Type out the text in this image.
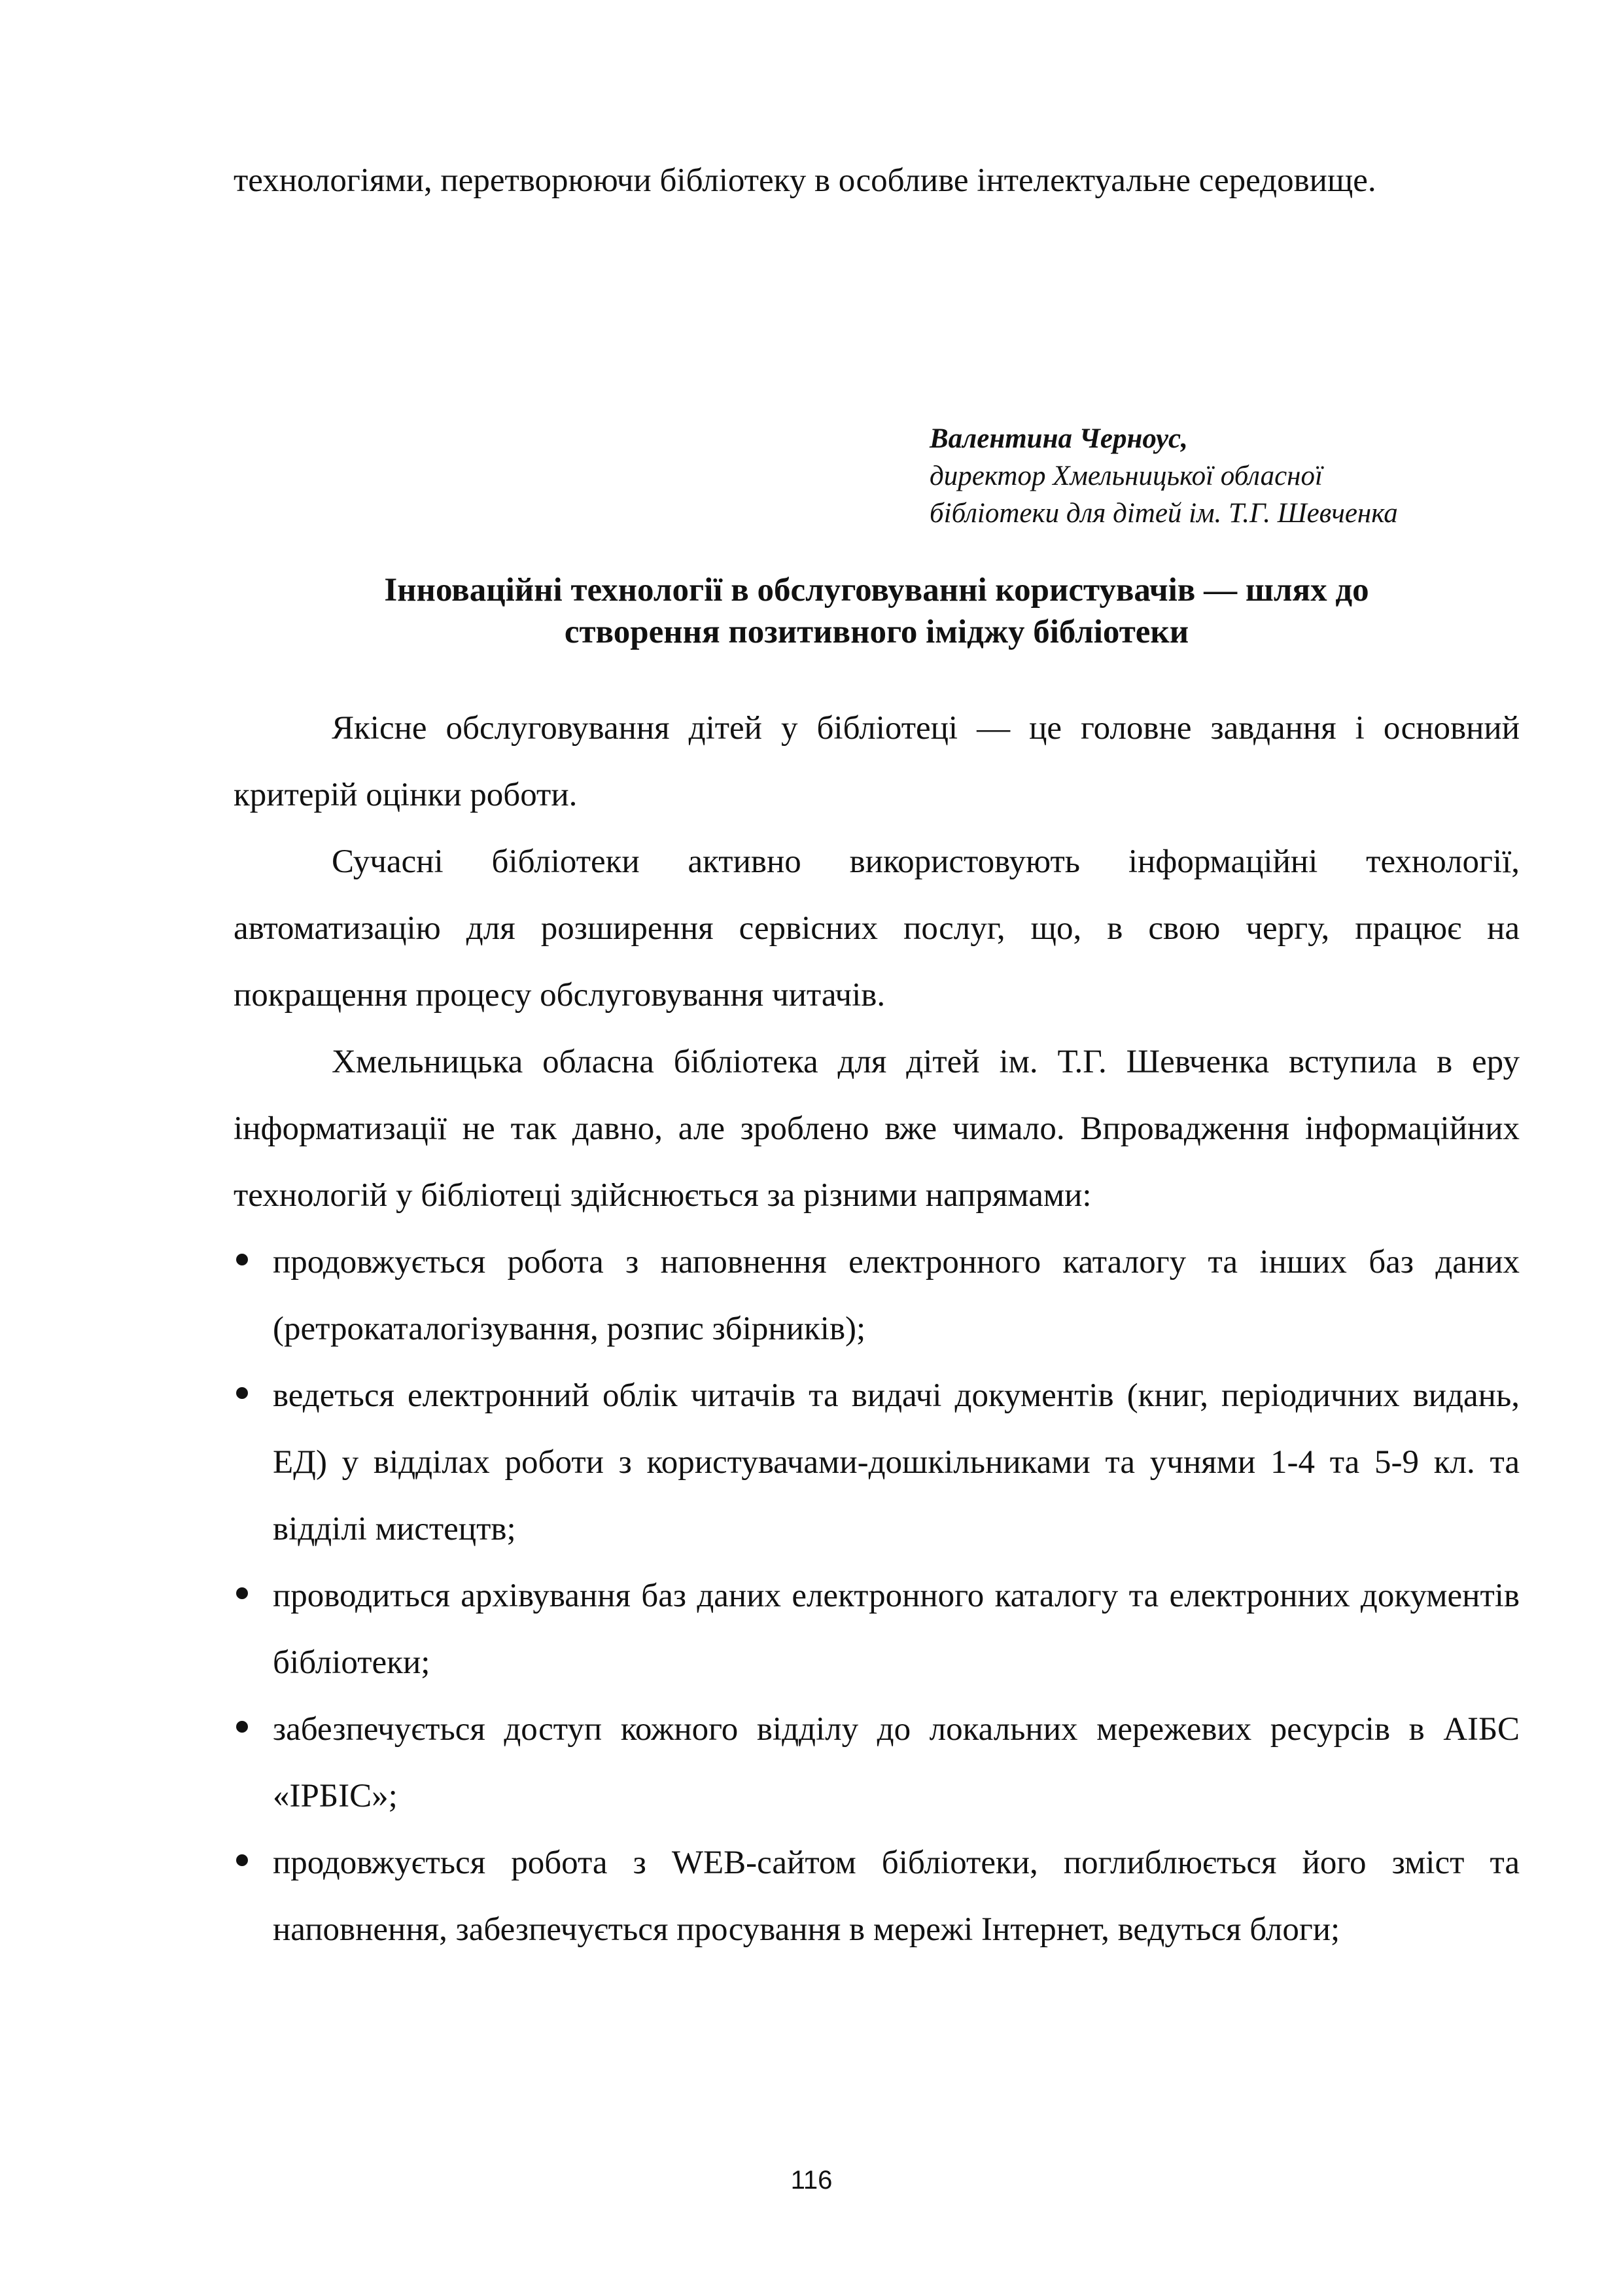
технологіями, перетворюючи бібліотеку в особливе інтелектуальне середовище.
Валентина Черноус,
директор Хмельницької обласної
бібліотеки для дітей ім. Т.Г. Шевченка
Інноваційні технології в обслуговуванні користувачів — шлях до
створення позитивного іміджу бібліотеки

Якісне обслуговування дітей у бібліотеці — це головне завдання і основний критерій оцінки роботи.

Сучасні бібліотеки активно використовують інформаційні технології, автоматизацію для розширення сервісних послуг, що, в свою чергу, працює на покращення процесу обслуговування читачів.

Хмельницька обласна бібліотека для дітей ім. Т.Г. Шевченка вступила в еру інформатизації не так давно, але зроблено вже чимало. Впровадження інформаційних технологій у бібліотеці здійснюється за різними напрямами:

продовжується робота з наповнення електронного каталогу та інших баз даних (ретрокаталогізування, розпис збірників);
ведеться електронний облік читачів та видачі документів (книг, періодичних видань, ЕД) у відділах роботи з користувачами-дошкільниками та учнями 1-4 та 5-9 кл. та відділі мистецтв;
проводиться архівування баз даних електронного каталогу та електронних документів бібліотеки;
забезпечується доступ кожного відділу до локальних мережевих ресурсів в АІБС «ІРБІС»;
продовжується робота з WEB-сайтом бібліотеки, поглиблюється його зміст та наповнення, забезпечується просування в мережі Інтернет, ведуться блоги;
116
